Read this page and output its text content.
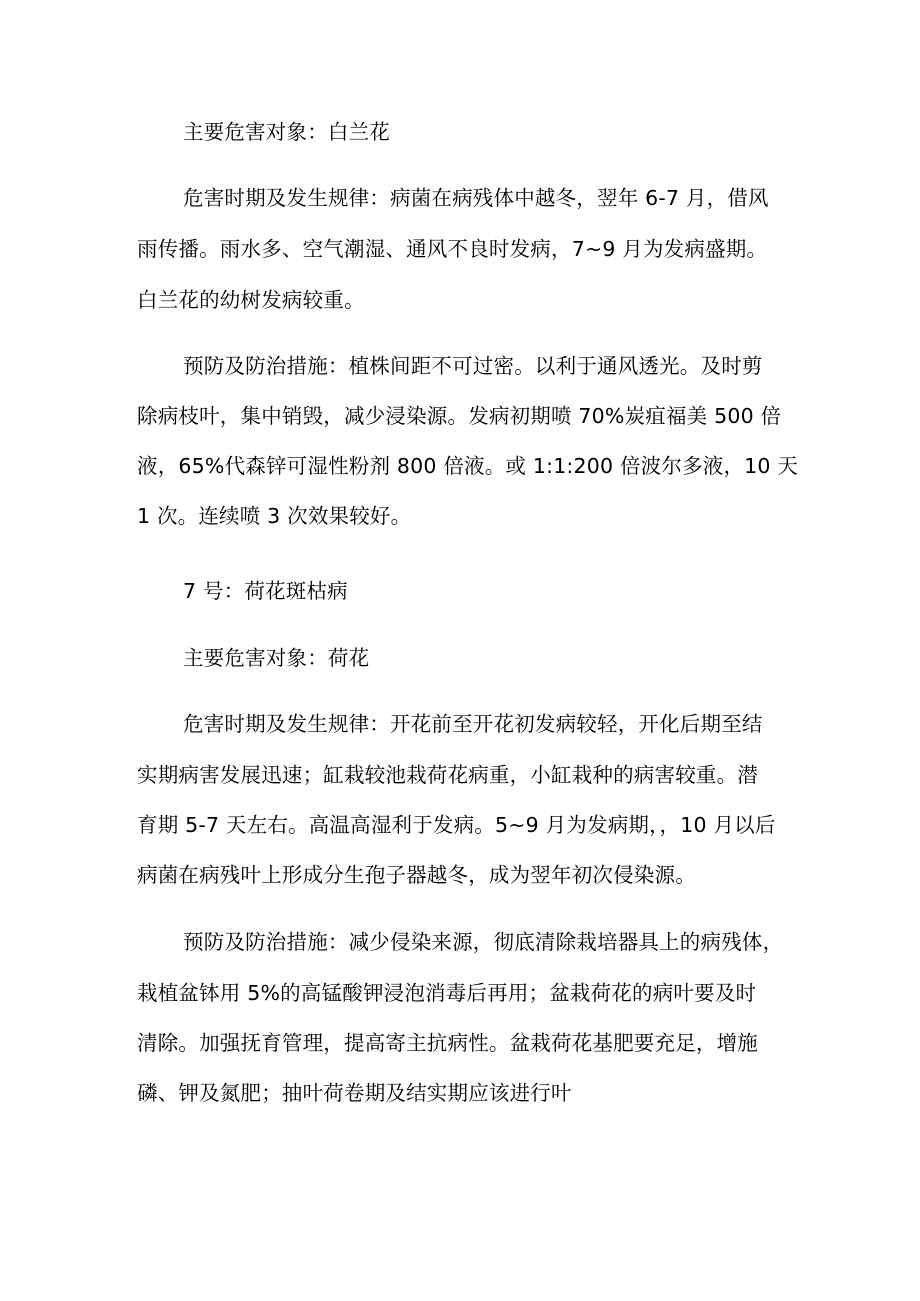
主要危害对象：白兰花
危害时期及发生规律：病菌在病残体中越冬，翌年 6-7 月，借风
雨传播。雨水多、空气潮湿、通风不良时发病，7~9 月为发病盛期。
白兰花的幼树发病较重。
预防及防治措施：植株间距不可过密。以利于通风透光。及时剪
除病枝叶，集中销毁，减少浸染源。发病初期喷 70%炭疽福美 500 倍
液，65%代森锌可湿性粉剂 800 倍液。或 1:1:200 倍波尔多液，10 天
1 次。连续喷 3 次效果较好。
7 号：荷花斑枯病
主要危害对象：荷花
危害时期及发生规律：开花前至开花初发病较轻，开化后期至结
实期病害发展迅速；缸栽较池栽荷花病重，小缸栽种的病害较重。潜
育期 5-7 天左右。高温高湿利于发病。5~9 月为发病期，，10 月以后
病菌在病残叶上形成分生孢子器越冬，成为翌年初次侵染源。
预防及防治措施：减少侵染来源，彻底清除栽培器具上的病残体，
栽植盆钵用 5%的高锰酸钾浸泡消毒后再用；盆栽荷花的病叶要及时
清除。加强抚育管理，提高寄主抗病性。盆栽荷花基肥要充足，增施
磷、钾及氮肥；抽叶荷卷期及结实期应该进行叶
